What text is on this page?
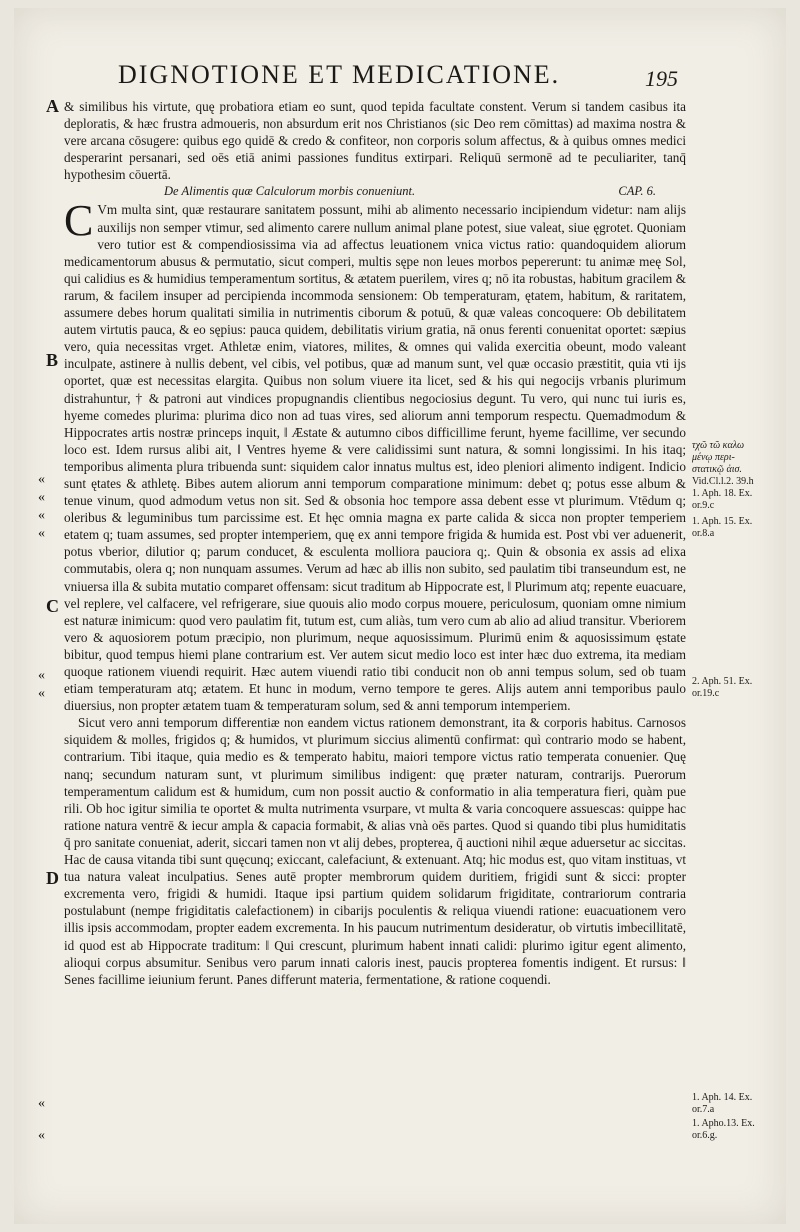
DIGNOTIONE ET MEDICATIONE.	195
A
B
C
D
«
«
«
«
«
«
«
«

& similibus his virtute, quę probatiora etiam eo sunt, quod tepida facultate constent. Verum si tandem casibus ita deploratis, & hæc frustra admoueris, non absurdum erit nos Christianos (sic Deo rem cōmittas) ad maxima nostra & vere arcana cōsugere: quibus ego quidē & credo & confiteor, non corporis solum affectus, & à quibus omnes medici desperarint persanari, sed oēs etiā animi passiones funditus extirpari. Reliquū sermonē ad te peculiariter, tanq̄ hypothesim cōuertā.

De Alimentis quæ Calculorum morbis conueniunt.	CAP. 6.

C Vm multa sint, quæ restaurare sanitatem possunt, mihi ab alimento necessario incipiendum videtur: nam alijs auxilijs non semper vtimur, sed alimento carere nullum animal plane potest, siue valeat, siue ęgrotet. Quoniam vero tutior est & compendiosissima via ad affectus leuationem vnica victus ratio: quandoquidem aliorum medicamentorum abusus & permutatio, sicut comperi, multis sępe non leues morbos pepererunt: tu animæ meę Sol, qui calidius es & humidius temperamentum sortitus, & ætatem puerilem, vires q; nō ita robustas, habitum gracilem & rarum, & facilem insuper ad percipienda incommoda sensionem: Ob temperaturam, ętatem, habitum, & raritatem, assumere debes horum qualitati similia in nutrimentis ciborum & potuū, & quæ valeas concoquere: Ob debilitatem autem virtutis pauca, & eo sępius: pauca quidem, debilitatis virium gratia, nā onus ferenti conuenitat oportet: sæpius vero, quia necessitas vrget. Athletæ enim, viatores, milites, & omnes qui valida exercitia obeunt, modo valeant inculpate, astinere à nullis debent, vel cibis, vel potibus, quæ ad manum sunt, vel quæ occasio præstitit, quia vti ijs oportet, quæ est necessitas elargita. Quibus non solum viuere ita licet, sed & his qui negocijs vrbanis plurimum distrahuntur, † & patroni aut vindices propugnandis clientibus negociosius degunt. Tu vero, qui nunc tui iuris es, hyeme comedes plurima: plurima dico non ad tuas vires, sed aliorum anni temporum respectu. Quemadmodum & Hippocrates artis nostræ princeps inquit, ‖ Æstate & autumno cibos difficillime ferunt, hyeme facillime, ver secundo loco est. Idem rursus alibi ait, ‖ Ventres hyeme & vere calidissimi sunt natura, & somni longissimi. In his itaq; temporibus alimenta plura tribuenda sunt: siquidem calor innatus multus est, ideo pleniori alimento indigent. Indicio sunt ętates & athletę. Bibes autem aliorum anni temporum comparatione minimum: debet q; potus esse album & tenue vinum, quod admodum vetus non sit. Sed & obsonia hoc tempore assa debent esse vt plurimum. Vtēdum q; oleribus & leguminibus tum parcissime est. Et hęc omnia magna ex parte calida & sicca non propter temperiem etatem q; tuam assumes, sed propter intemperiem, quę ex anni tempore frigida & humida est. Post vbi ver aduenerit, potus vberior, dilutior q; parum conducet, & esculenta molliora pauciora q;. Quin & obsonia ex assis ad elixa commutabis, olera q; non nunquam assumes. Verum ad hæc ab illis non subito, sed paulatim tibi transeundum est, ne vniuersa illa & subita mutatio comparet offensam: sicut traditum ab Hippocrate est, ‖ Plurimum atq; repente euacuare, vel replere, vel calfacere, vel refrigerare, siue quouis alio modo corpus mouere, periculosum, quoniam omne nimium est naturæ inimicum: quod vero paulatim fit, tutum est, cum aliàs, tum vero cum ab alio ad aliud transitur. Vberiorem vero & aquosiorem potum præcipio, non plurimum, neque aquosissimum. Plurimū enim & aquosissimum ęstate bibitur, quod tempus hiemi plane contrarium est. Ver autem sicut medio loco est inter hæc duo extrema, ita mediam quoque rationem viuendi requirit. Hæc autem viuendi ratio tibi conducit non ob anni tempus solum, sed ob tuam etiam temperaturam atq; ætatem. Et hunc in modum, verno tempore te geres. Alijs autem anni temporibus paulo diuersius, non propter ætatem tuam & temperaturam solum, sed & anni temporum intemperiem.

Sicut vero anni temporum differentiæ non eandem victus rationem demonstrant, ita & corporis habitus. Carnosos siquidem & molles, frigidos q; & humidos, vt plurimum siccius alimentū confirmat: quì contrario modo se habent, contrarium. Tibi itaque, quia medio es & temperato habitu, maiori tempore victus ratio temperata conuenier. Quę nanq; secundum naturam sunt, vt plurimum similibus indigent: quę præter naturam, contrarijs. Puerorum temperamentum calidum est & humidum, cum non possit auctio & conformatio in alia temperatura fieri, quàm pue rili. Ob hoc igitur similia te oportet & multa nutrimenta vsurpare, vt multa & varia concoquere assuescas: quippe hac ratione natura ventrē & iecur ampla & capacia formabit, & alias vnà oēs partes. Quod si quando tibi plus humiditatis q̄ pro sanitate conueniat, aderit, siccari tamen non vt alij debes, propterea, q̄ auctioni nihil æque aduersetur ac siccitas. Hac de causa vitanda tibi sunt quęcunq; exiccant, calefaciunt, & extenuant. Atq; hic modus est, quo vitam instituas, vt tua natura valeat inculpatius. Senes autē propter membrorum quidem duritiem, frigidi sunt & sicci: propter excrementa vero, frigidi & humidi. Itaque ipsi partium quidem solidarum frigiditate, contrariorum contraria postulabunt (nempe frigiditatis calefactionem) in cibarijs poculentis & reliqua viuendi ratione: euacuationem vero illis ipsis accommodam, propter eadem excrementa. In his paucum nutrimentum desideratur, ob virtutis imbecillitatē, id quod est ab Hippocrate traditum: ‖ Qui crescunt, plurimum habent innati calidi: plurimo igitur egent alimento, alioqui corpus absumitur. Senibus vero parum innati caloris inest, paucis propterea fomentis indigent. Et rursus: ‖ Senes facillime ieiunium ferunt. Panes differunt materia, fermentatione, & ratione coquendi.

τχῶ τῶ καλω
μένῳ περι-
στατικῷ ἀισ.
Vid.Cl.l.2. 39.h
1. Aph. 18. Ex.
or.9.c
1. Aph. 15. Ex.
or.8.a
2. Aph. 51. Ex.
or.19.c
1. Aph. 14. Ex.
or.7.a
1. Apho.13. Ex.
or.6.g.
